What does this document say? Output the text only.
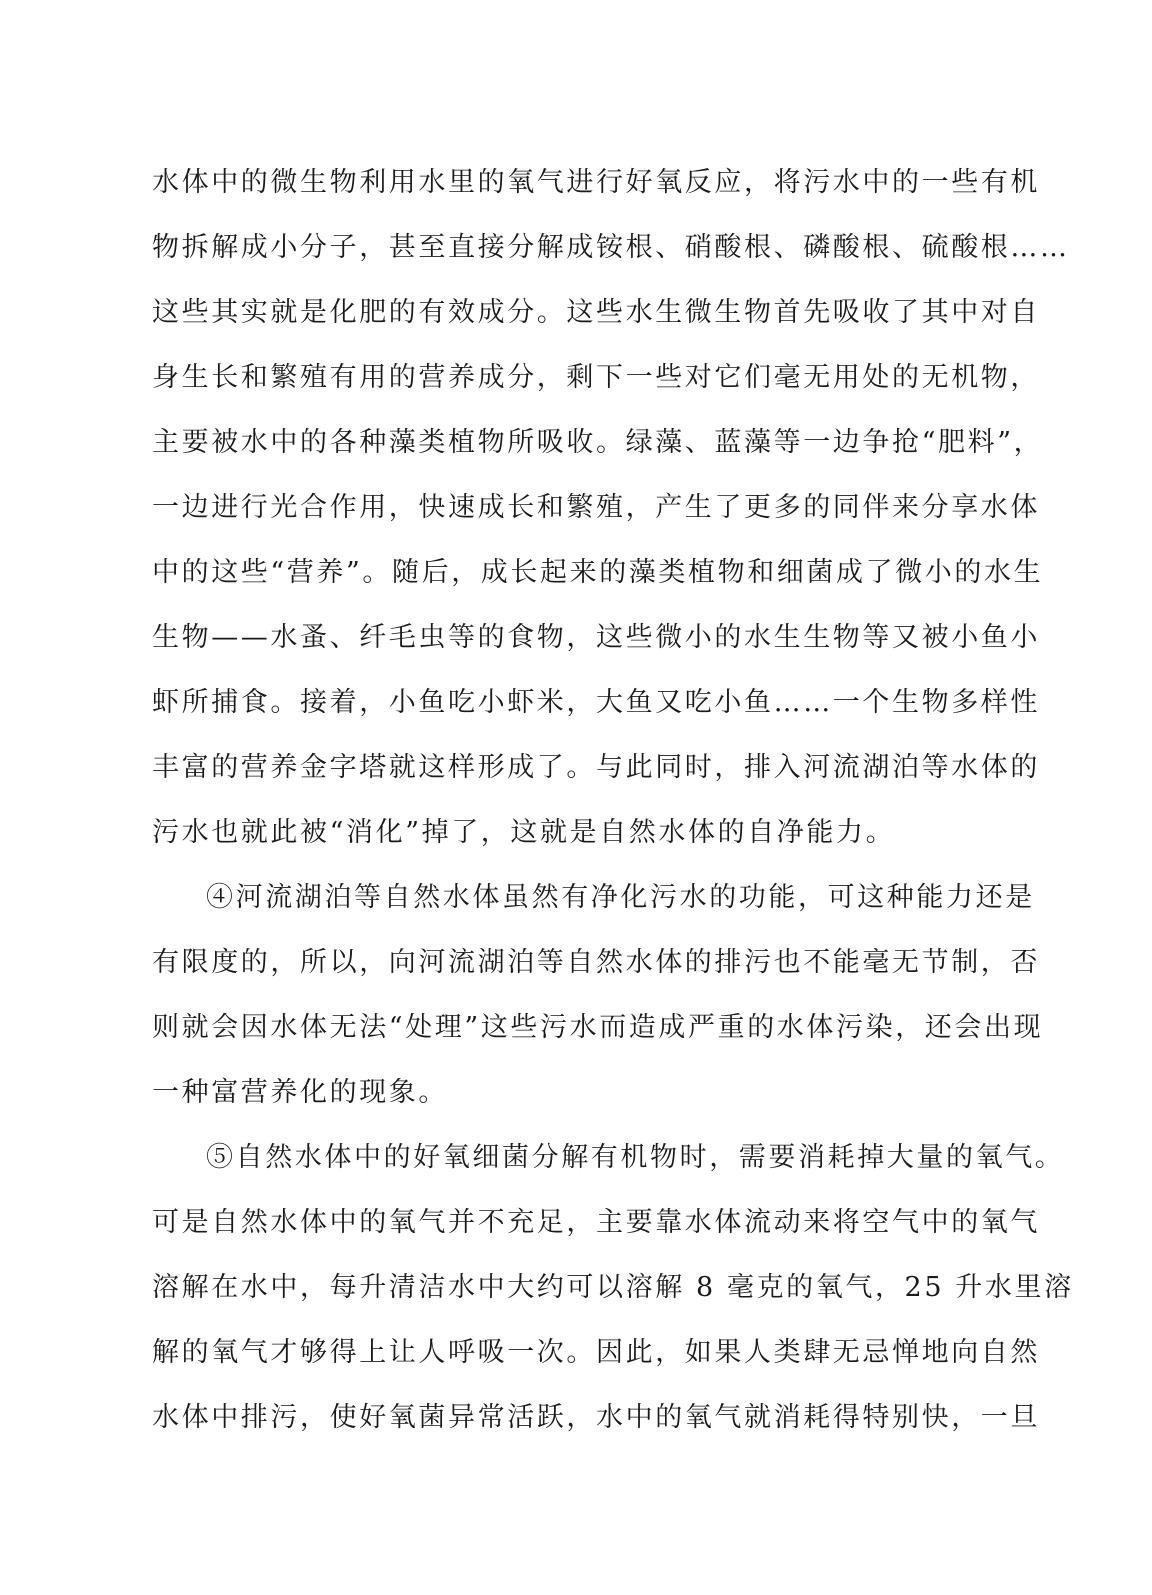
水体中的微生物利用水里的氧气进行好氧反应，将污水中的一些有机
物拆解成小分子，甚至直接分解成铵根、硝酸根、磷酸根、硫酸根……
这些其实就是化肥的有效成分。这些水生微生物首先吸收了其中对自
身生长和繁殖有用的营养成分，剩下一些对它们毫无用处的无机物，
主要被水中的各种藻类植物所吸收。绿藻、蓝藻等一边争抢“肥料”，
一边进行光合作用，快速成长和繁殖，产生了更多的同伴来分享水体
中的这些“营养”。随后，成长起来的藻类植物和细菌成了微小的水生
生物——水蚤、纤毛虫等的食物，这些微小的水生生物等又被小鱼小
虾所捕食。接着，小鱼吃小虾米，大鱼又吃小鱼……一个生物多样性
丰富的营养金字塔就这样形成了。与此同时，排入河流湖泊等水体的
污水也就此被“消化”掉了，这就是自然水体的自净能力。
④河流湖泊等自然水体虽然有净化污水的功能，可这种能力还是
有限度的，所以，向河流湖泊等自然水体的排污也不能毫无节制，否
则就会因水体无法“处理”这些污水而造成严重的水体污染，还会出现
一种富营养化的现象。
⑤自然水体中的好氧细菌分解有机物时，需要消耗掉大量的氧气。
可是自然水体中的氧气并不充足，主要靠水体流动来将空气中的氧气
溶解在水中，每升清洁水中大约可以溶解 8 毫克的氧气，25 升水里溶
解的氧气才够得上让人呼吸一次。因此，如果人类肆无忌惮地向自然
水体中排污，使好氧菌异常活跃，水中的氧气就消耗得特别快，一旦
